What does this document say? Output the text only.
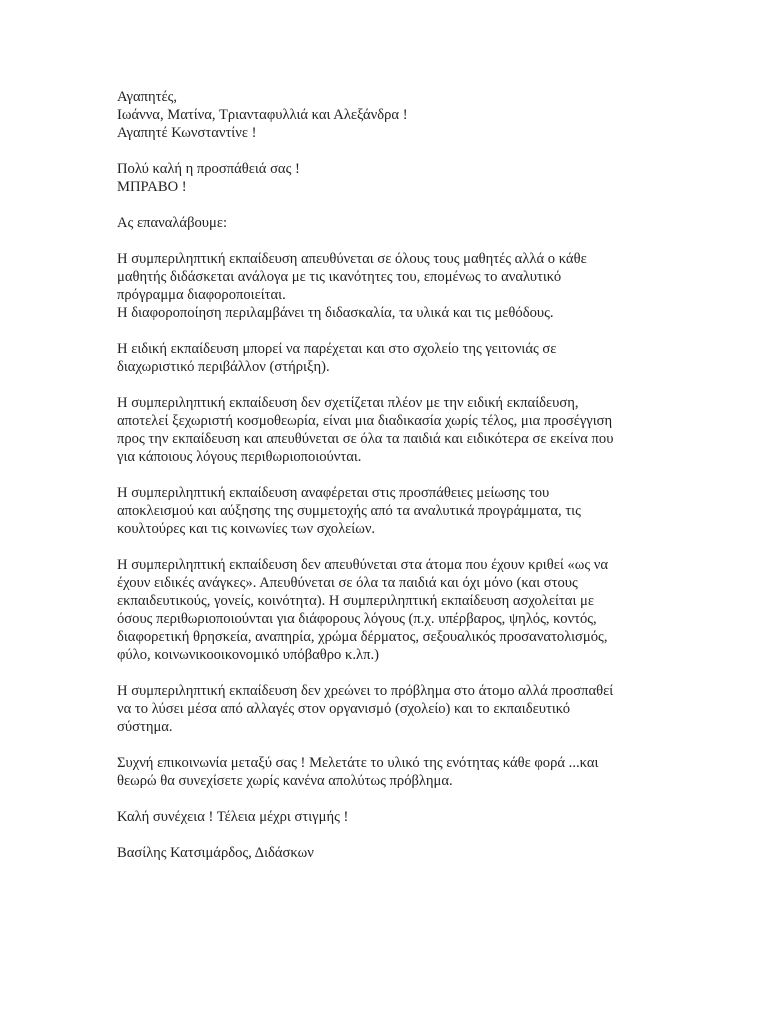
Αγαπητές,
Ιωάννα, Ματίνα, Τριανταφυλλιά και Αλεξάνδρα !
Αγαπητέ Κωνσταντίνε !

Πολύ καλή η προσπάθειά σας !
ΜΠΡΑΒΟ !

Ας επαναλάβουμε:

Η συμπεριληπτική εκπαίδευση απευθύνεται σε όλους τους μαθητές αλλά ο κάθε
μαθητής διδάσκεται ανάλογα με τις ικανότητες του, επομένως το αναλυτικό
πρόγραμμα διαφοροποιείται.
Η διαφοροποίηση περιλαμβάνει τη διδασκαλία, τα υλικά και τις μεθόδους.

Η ειδική εκπαίδευση μπορεί να παρέχεται και στο σχολείο της γειτονιάς σε
διαχωριστικό περιβάλλον (στήριξη).

Η συμπεριληπτική εκπαίδευση δεν σχετίζεται πλέον με την ειδική εκπαίδευση,
αποτελεί ξεχωριστή κοσμοθεωρία, είναι μια διαδικασία χωρίς τέλος, μια προσέγγιση
προς την εκπαίδευση και απευθύνεται σε όλα τα παιδιά και ειδικότερα σε εκείνα που
για κάποιους λόγους περιθωριοποιούνται.

Η συμπεριληπτική εκπαίδευση αναφέρεται στις προσπάθειες μείωσης του
αποκλεισμού και αύξησης της συμμετοχής από τα αναλυτικά προγράμματα, τις
κουλτούρες και τις κοινωνίες των σχολείων.

Η συμπεριληπτική εκπαίδευση δεν απευθύνεται στα άτομα που έχουν κριθεί «ως να
έχουν ειδικές ανάγκες». Απευθύνεται σε όλα τα παιδιά και όχι μόνο (και στους
εκπαιδευτικούς, γονείς, κοινότητα). Η συμπεριληπτική εκπαίδευση ασχολείται με
όσους περιθωριοποιούνται για διάφορους λόγους (π.χ. υπέρβαρος, ψηλός, κοντός,
διαφορετική θρησκεία, αναπηρία, χρώμα δέρματος, σεξουαλικός προσανατολισμός,
φύλο, κοινωνικοοικονομικό υπόβαθρο κ.λπ.)

Η συμπεριληπτική εκπαίδευση δεν χρεώνει το πρόβλημα στο άτομο αλλά προσπαθεί
να το λύσει μέσα από αλλαγές στον οργανισμό (σχολείο) και το εκπαιδευτικό
σύστημα.

Συχνή επικοινωνία μεταξύ σας ! Μελετάτε το υλικό της ενότητας κάθε φορά ...και
θεωρώ θα συνεχίσετε χωρίς κανένα απολύτως πρόβλημα.

Καλή συνέχεια ! Τέλεια μέχρι στιγμής !

Βασίλης Κατσιμάρδος, Διδάσκων
